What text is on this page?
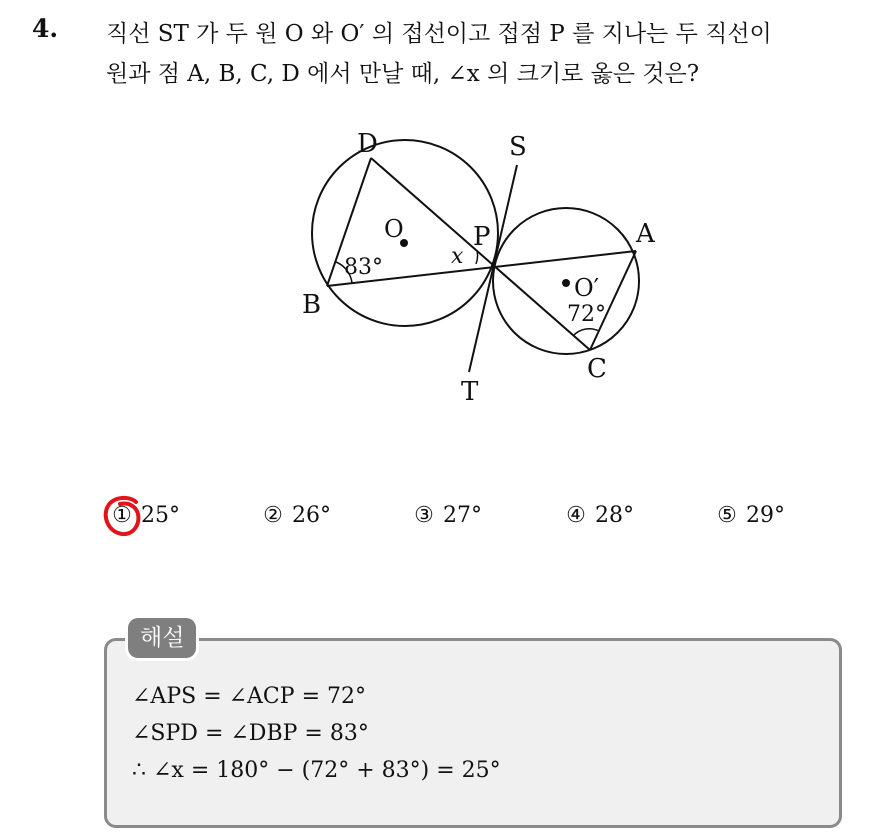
4. 직선 ST 가 두 원 O 와 O′ 의 접선이고 접점 P 를 지나는 두 직선이
원과 점 A, B, C, D 에서 만날 때, ∠x 의 크기로 옳은 것은?
D	S
O	P	A
x
83°
B
O′
72°
C
T
① 25°	② 26°	③ 27°	④ 28°	⑤ 29°
해설
∠APS = ∠ACP = 72°
∠SPD = ∠DBP = 83°
∴ ∠x = 180° − (72° + 83°) = 25°
